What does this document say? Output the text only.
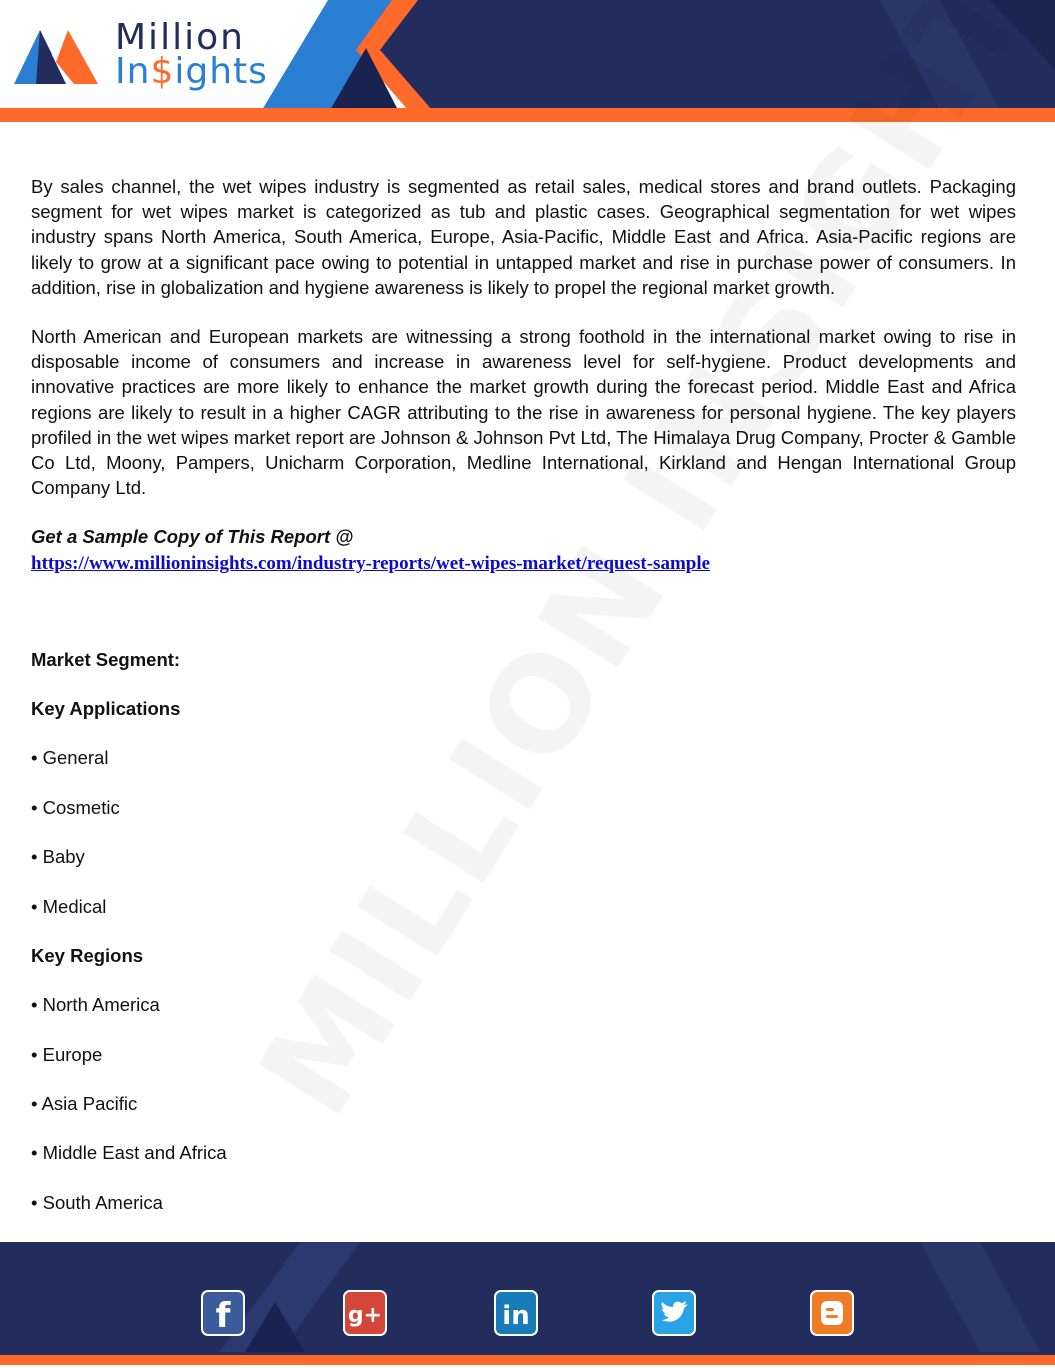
Million
In$ights

By sales channel, the wet wipes industry is segmented as retail sales, medical stores and brand outlets. Packaging segment for wet wipes market is categorized as tub and plastic cases. Geographical segmentation for wet wipes industry spans North America, South America, Europe, Asia-Pacific, Middle East and Africa. Asia-Pacific regions are likely to grow at a significant pace owing to potential in untapped market and rise in purchase power of consumers. In addition, rise in globalization and hygiene awareness is likely to propel the regional market growth.

North American and European markets are witnessing a strong foothold in the international market owing to rise in disposable income of consumers and increase in awareness level for self-hygiene. Product developments and innovative practices are more likely to enhance the market growth during the forecast period. Middle East and Africa regions are likely to result in a higher CAGR attributing to the rise in awareness for personal hygiene. The key players profiled in the wet wipes market report are Johnson & Johnson Pvt Ltd, The Himalaya Drug Company, Procter & Gamble Co Ltd, Moony, Pampers, Unicharm Corporation, Medline International, Kirkland and Hengan International Group Company Ltd.

Get a Sample Copy of This Report @

https://www.millioninsights.com/industry-reports/wet-wipes-market/request-sample

Market Segment:

Key Applications

• General

• Cosmetic

• Baby

• Medical

Key Regions

• North America

• Europe

• Asia Pacific

• Middle East and Africa

• South America

f	g+	in
